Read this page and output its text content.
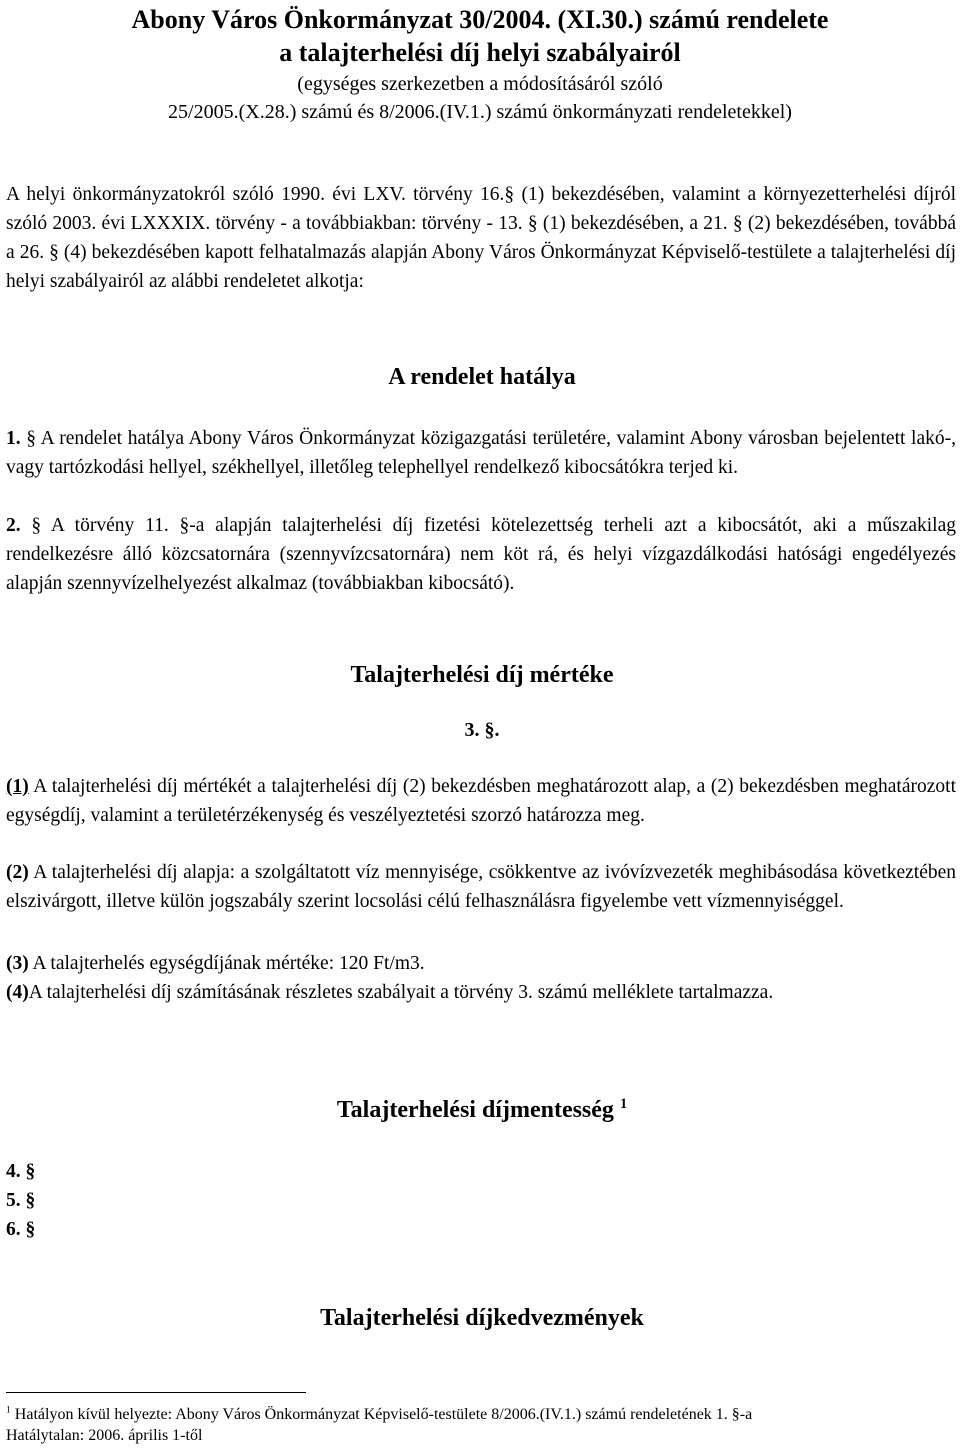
Abony Város Önkormányzat 30/2004. (XI.30.) számú rendelete
a talajterhelési díj helyi szabályairól
(egységes szerkezetben a módosításáról szóló
25/2005.(X.28.) számú és 8/2006.(IV.1.) számú önkormányzati rendeletekkel)
A helyi önkormányzatokról szóló 1990. évi LXV. törvény 16.§ (1) bekezdésében, valamint a környezetterhelési díjról szóló 2003. évi LXXXIX. törvény - a továbbiakban: törvény - 13. § (1) bekezdésében, a 21. § (2) bekezdésében, továbbá a 26. § (4) bekezdésében kapott felhatalmazás alapján Abony Város Önkormányzat Képviselő-testülete a talajterhelési díj helyi szabályairól az alábbi rendeletet alkotja:
A rendelet hatálya
1. § A rendelet hatálya Abony Város Önkormányzat közigazgatási területére, valamint Abony városban bejelentett lakó-, vagy tartózkodási hellyel, székhellyel, illetőleg telephellyel rendelkező kibocsátókra terjed ki.
2. § A törvény 11. §-a alapján talajterhelési díj fizetési kötelezettség terheli azt a kibocsátót, aki a műszakilag rendelkezésre álló közcsatornára (szennyvízcsatornára) nem köt rá, és helyi vízgazdálkodási hatósági engedélyezés alapján szennyvízelhelyezést alkalmaz (továbbiakban kibocsátó).
Talajterhelési díj mértéke
3. §.
(1) A talajterhelési díj mértékét a talajterhelési díj (2) bekezdésben meghatározott alap, a (2) bekezdésben meghatározott egységdíj, valamint a területérzékenység és veszélyeztetési szorzó határozza meg.
(2) A talajterhelési díj alapja: a szolgáltatott víz mennyisége, csökkentve az ivóvízvezeték meghibásodása következtében elszivárgott, illetve külön jogszabály szerint locsolási célú felhasználásra figyelembe vett vízmennyiséggel.
(3) A talajterhelés egységdíjának mértéke: 120 Ft/m3.
(4)A talajterhelési díj számításának részletes szabályait a törvény 3. számú melléklete tartalmazza.
Talajterhelési díjmentesség $^1$
4. §
5. §
6. §
Talajterhelési díjkedvezmények
$^1$ Hatályon kívül helyezte: Abony Város Önkormányzat Képviselő-testülete 8/2006.(IV.1.) számú rendeletének 1. §-a
Hatálytalan: 2006. április 1-től
